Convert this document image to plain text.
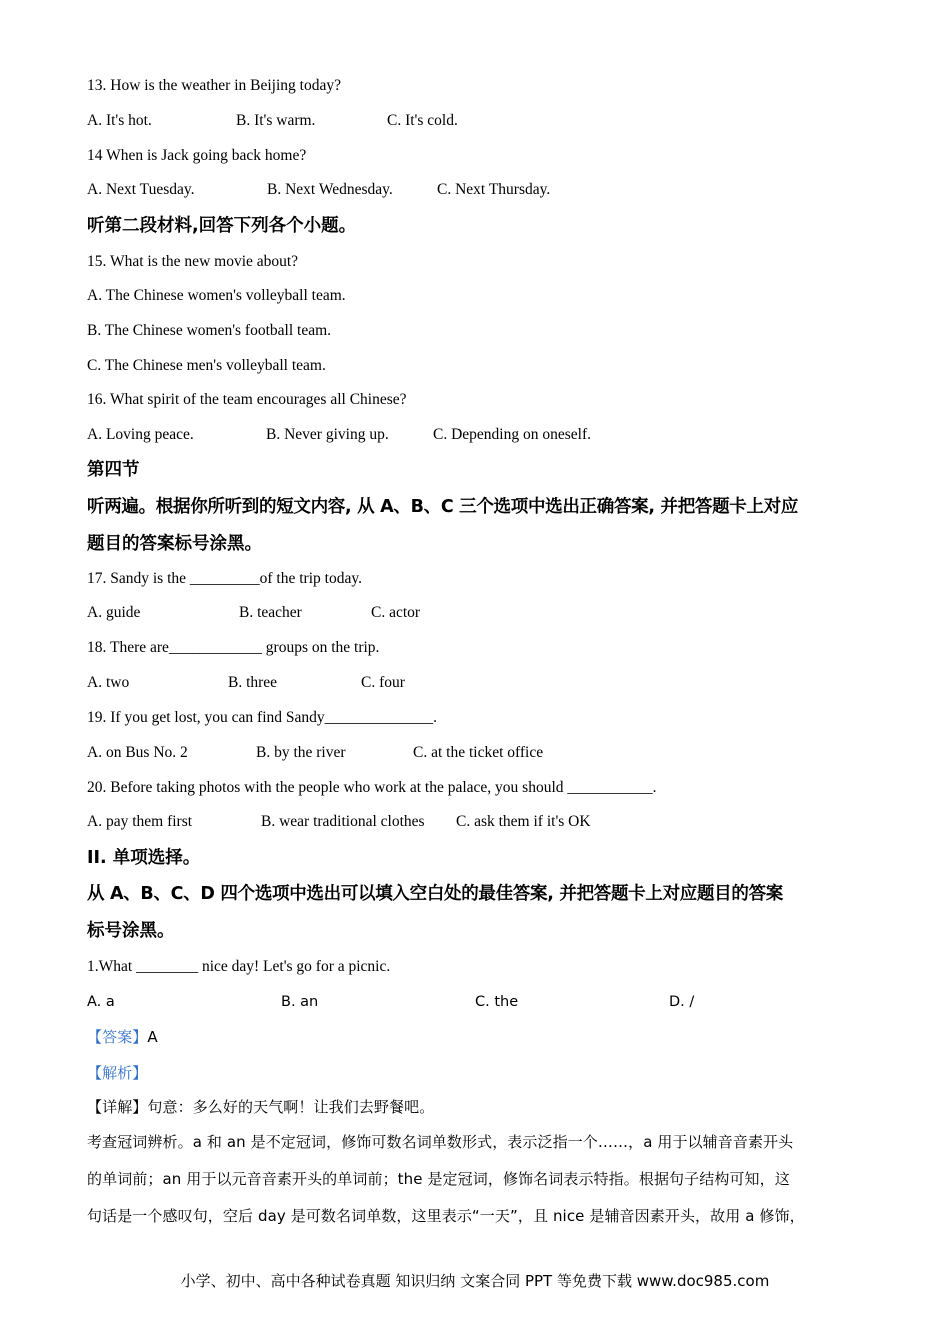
13. How is the weather in Beijing today?
A. It's hot.	B. It's warm.	C. It's cold.
14 When is Jack going back home?
A. Next Tuesday.	B. Next Wednesday.	C. Next Thursday.
听第二段材料,回答下列各个小题。
15. What is the new movie about?
A. The Chinese women's volleyball team.
B. The Chinese women's football team.
C. The Chinese men's volleyball team.
16. What spirit of the team encourages all Chinese?
A. Loving peace.	B. Never giving up.	C. Depending on oneself.
第四节
听两遍。根据你所听到的短文内容, 从 A、B、C 三个选项中选出正确答案, 并把答题卡上对应
题目的答案标号涂黑。
17. Sandy is the _________of the trip today.
A. guide	B. teacher	C. actor
18. There are____________ groups on the trip.
A. two	B. three	C. four
19. If you get lost, you can find Sandy______________.
A. on Bus No. 2	B. by the river	C. at the ticket office
20. Before taking photos with the people who work at the palace, you should ___________.
A. pay them first	B. wear traditional clothes C. ask them if it's OK
II. 单项选择。
从 A、B、C、D 四个选项中选出可以填入空白处的最佳答案, 并把答题卡上对应题目的答案
标号涂黑。
1.What ________ nice day! Let's go for a picnic.
A. a	B. an	C. the	D. /
【答案】A
【解析】
【详解】句意：多么好的天气啊！让我们去野餐吧。
考查冠词辨析。a 和 an 是不定冠词，修饰可数名词单数形式，表示泛指一个……，a 用于以辅音音素开头
的单词前；an 用于以元音音素开头的单词前；the 是定冠词，修饰名词表示特指。根据句子结构可知，这
句话是一个感叹句，空后 day 是可数名词单数，这里表示“一天”，且 nice 是辅音因素开头，故用 a 修饰，
小学、初中、高中各种试卷真题 知识归纳 文案合同 PPT 等免费下载 www.doc985.com
